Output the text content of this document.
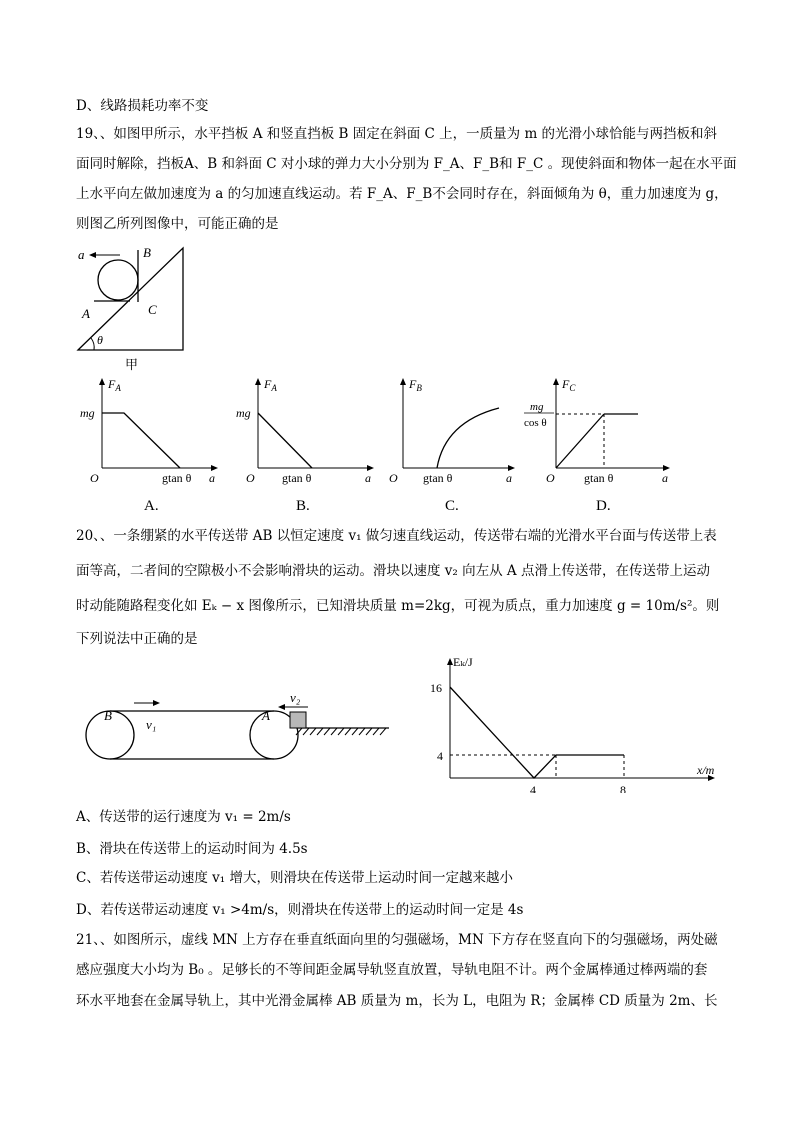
D、线路损耗功率不变
19、、如图甲所示，水平挡板 A 和竖直挡板 B 固定在斜面 C 上，一质量为 m 的光滑小球恰能与两挡板和斜
面同时解除，挡板A、B 和斜面 C 对小球的弹力大小分别为 F_A、F_B和 F_C 。现使斜面和物体一起在水平面
上水平向左做加速度为 a 的匀加速直线运动。若 F_A、F_B不会同时存在，斜面倾角为 θ，重力加速度为 g，
则图乙所列图像中，可能正确的是
a	B
A	C
θ
甲
$F_A$
mg
O	gtan θ a
A.
$F_A$
mg
O gtan θ	a
B.
$F_B$
O gtan θ	a
C.
$F_C$
mg
cos θ
O gtan θ	a
D.
20、、一条绷紧的水平传送带 AB 以恒定速度 v₁ 做匀速直线运动，传送带右端的光滑水平台面与传送带上表
面等高，二者间的空隙极小不会影响滑块的运动。滑块以速度 v₂ 向左从 A 点滑上传送带，在传送带上运动
时动能随路程变化如 Eₖ − x 图像所示，已知滑块质量 m=2kg，可视为质点，重力加速度 g = 10m/s²。则
下列说法中正确的是
B	A
v₁
v₂
Eₖ/J
16
4
4	8
x/m
A、传送带的运行速度为 v₁ = 2m/s
B、滑块在传送带上的运动时间为 4.5s
C、若传送带运动速度 v₁ 增大，则滑块在传送带上运动时间一定越来越小
D、若传送带运动速度 v₁ >4m/s，则滑块在传送带上的运动时间一定是 4s
21、、如图所示，虚线 MN 上方存在垂直纸面向里的匀强磁场，MN 下方存在竖直向下的匀强磁场，两处磁
感应强度大小均为 B₀ 。足够长的不等间距金属导轨竖直放置，导轨电阻不计。两个金属棒通过棒两端的套
环水平地套在金属导轨上，其中光滑金属棒 AB 质量为 m，长为 L，电阻为 R；金属棒 CD 质量为 2m、长
